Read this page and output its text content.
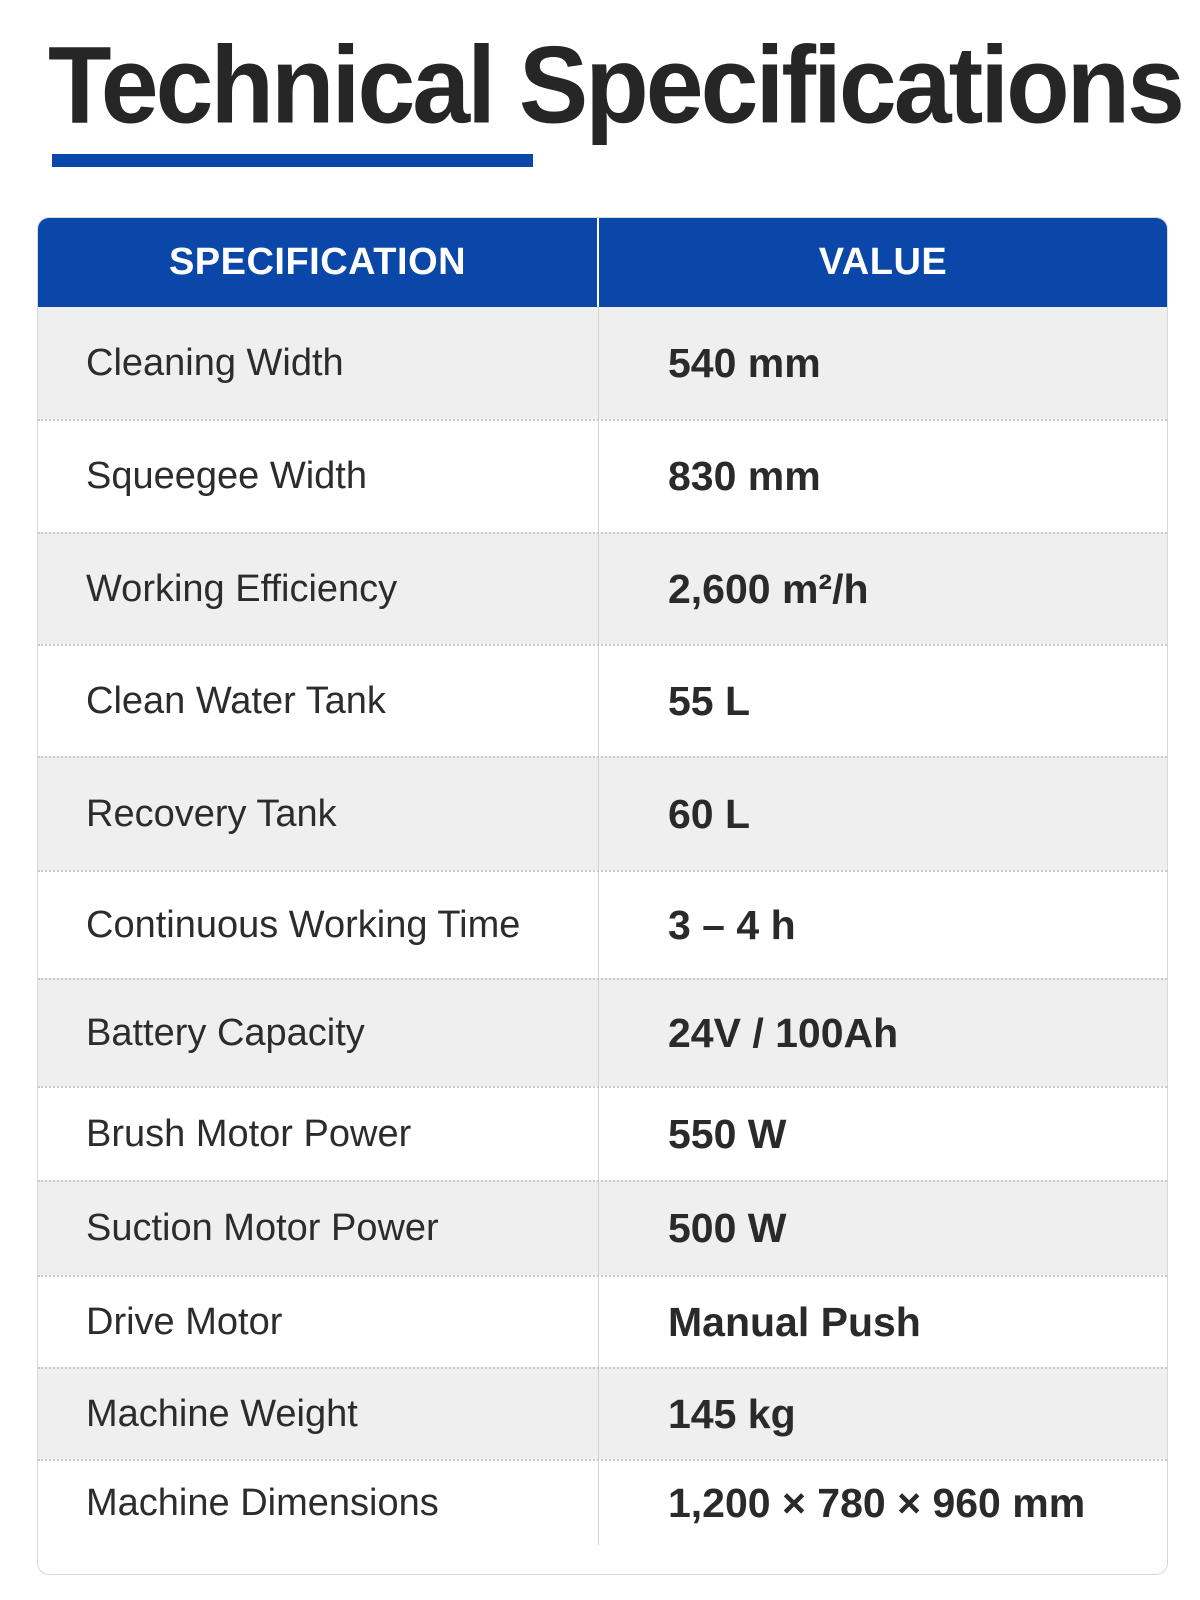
Technical Specifications
SPECIFICATION	VALUE
Cleaning Width	540 mm
Squeegee Width	830 mm
Working Efficiency	2,600 m²/h
Clean Water Tank	55 L
Recovery Tank	60 L
Continuous Working Time	3 – 4 h
Battery Capacity	24V / 100Ah
Brush Motor Power	550 W
Suction Motor Power	500 W
Drive Motor	Manual Push
Machine Weight	145 kg
Machine Dimensions	1,200 × 780 × 960 mm
